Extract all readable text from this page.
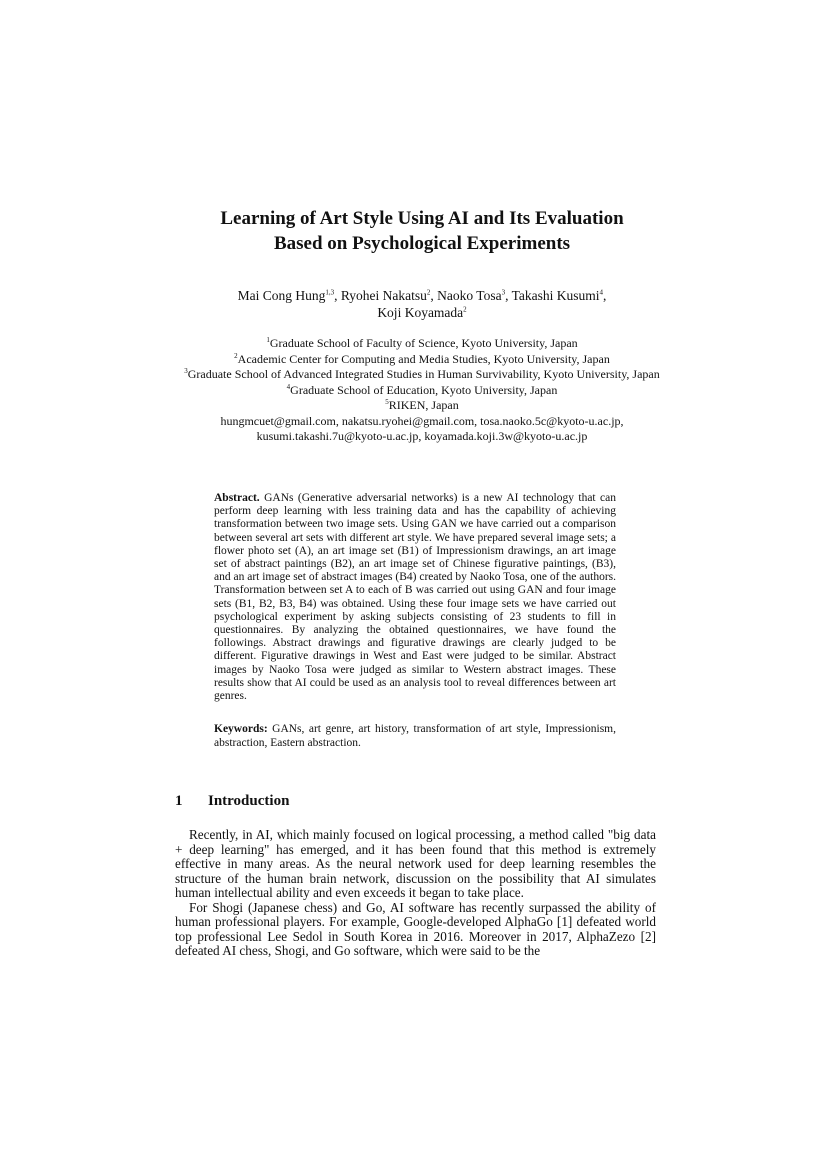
Learning of Art Style Using AI and Its Evaluation
Based on Psychological Experiments
Mai Cong Hung$^{1,3}$, Ryohei Nakatsu$^2$, Naoko Tosa$^3$, Takashi Kusumi$^4$,
Koji Koyamada$^2$
$^1$Graduate School of Faculty of Science, Kyoto University, Japan
$^2$Academic Center for Computing and Media Studies, Kyoto University, Japan
$^3$Graduate School of Advanced Integrated Studies in Human Survivability, Kyoto University, Japan
$^4$Graduate School of Education, Kyoto University, Japan
$^5$RIKEN, Japan
hungmcuet@gmail.com, nakatsu.ryohei@gmail.com, tosa.naoko.5c@kyoto-u.ac.jp,
kusumi.takashi.7u@kyoto-u.ac.jp, koyamada.koji.3w@kyoto-u.ac.jp
Abstract. GANs (Generative adversarial networks) is a new AI technology that can perform deep learning with less training data and has the capability of achieving transformation between two image sets. Using GAN we have carried out a comparison between several art sets with different art style. We have prepared several image sets; a flower photo set (A), an art image set (B1) of Impressionism drawings, an art image set of abstract paintings (B2), an art image set of Chinese figurative paintings, (B3), and an art image set of abstract images (B4) created by Naoko Tosa, one of the authors. Transformation between set A to each of B was carried out using GAN and four image sets (B1, B2, B3, B4) was obtained. Using these four image sets we have carried out psychological experiment by asking subjects consisting of 23 students to fill in questionnaires. By analyzing the obtained questionnaires, we have found the followings. Abstract drawings and figurative drawings are clearly judged to be different. Figurative drawings in West and East were judged to be similar. Abstract images by Naoko Tosa were judged as similar to Western abstract images. These results show that AI could be used as an analysis tool to reveal differences between art genres.
Keywords: GANs, art genre, art history, transformation of art style, Impressionism, abstraction, Eastern abstraction.
1 Introduction

Recently, in AI, which mainly focused on logical processing, a method called "big data + deep learning" has emerged, and it has been found that this method is extremely effective in many areas. As the neural network used for deep learning resembles the structure of the human brain network, discussion on the possibility that AI simulates human intellectual ability and even exceeds it began to take place.

For Shogi (Japanese chess) and Go, AI software has recently surpassed the ability of human professional players. For example, Google-developed AlphaGo [1] defeated world top professional Lee Sedol in South Korea in 2016. Moreover in 2017, AlphaZezo [2] defeated AI chess, Shogi, and Go software, which were said to be the
